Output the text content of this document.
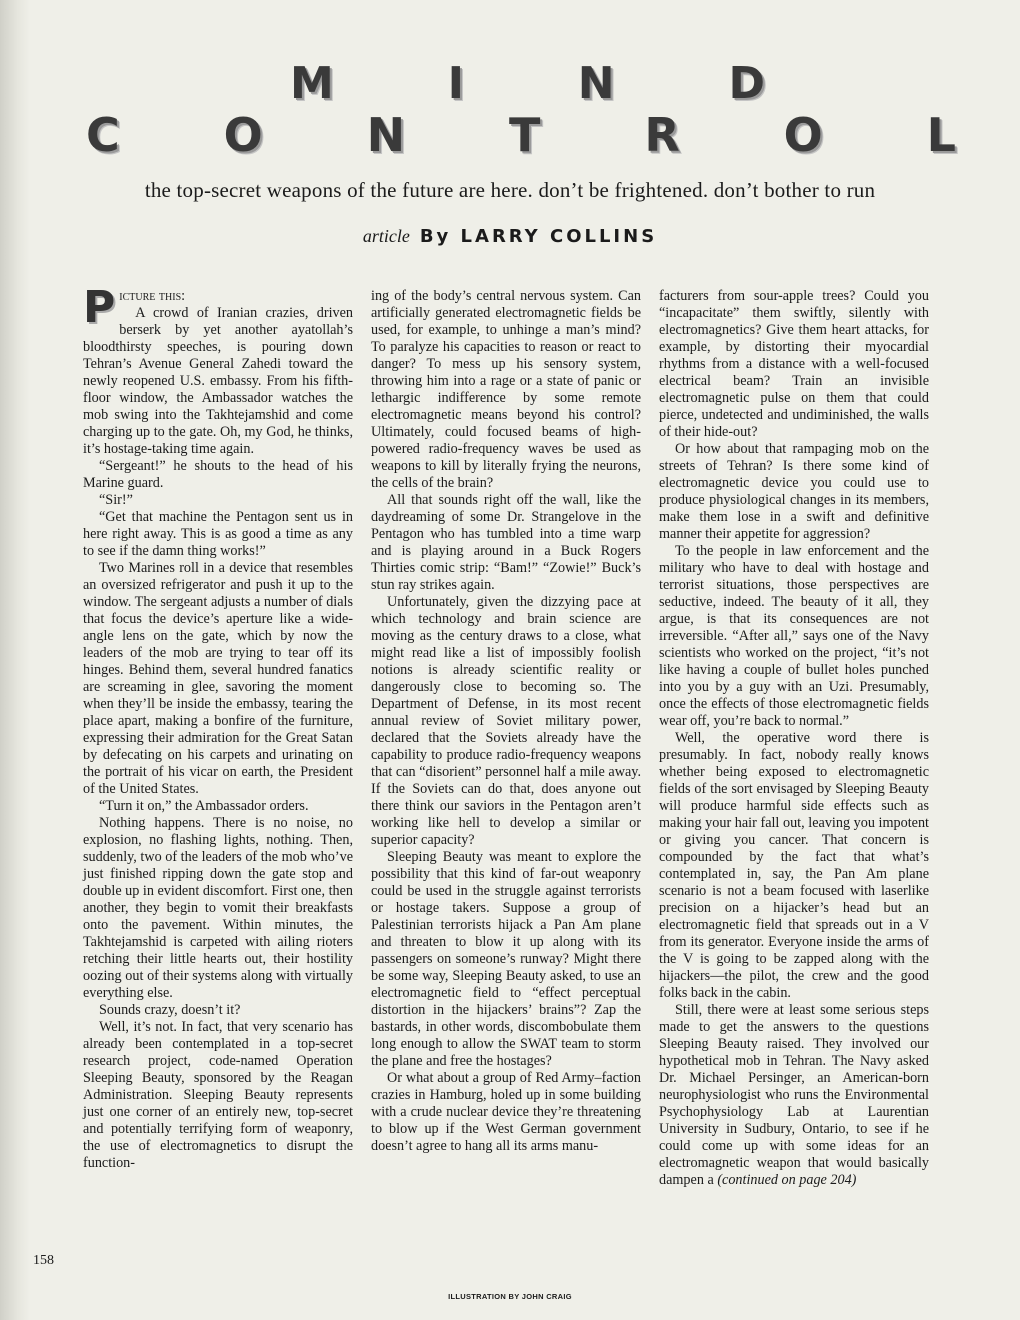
M	I	N	D
C O N T R O L
the top-secret weapons of the future are here. don’t be frightened. don’t bother to run
article By LARRY COLLINS

Picture this:

A crowd of Iranian crazies, driven berserk by yet another ayatollah’s bloodthirsty speeches, is pouring down Tehran’s Avenue General Zahedi toward the newly reopened U.S. embassy. From his fifth-floor window, the Ambassador watches the mob swing into the Takhtejamshid and come charging up to the gate. Oh, my God, he thinks, it’s hostage-taking time again.

“Sergeant!” he shouts to the head of his Marine guard.

“Sir!”

“Get that machine the Pentagon sent us in here right away. This is as good a time as any to see if the damn thing works!”

Two Marines roll in a device that resembles an oversized refrigerator and push it up to the window. The sergeant adjusts a number of dials that focus the device’s aperture like a wide-angle lens on the gate, which by now the leaders of the mob are trying to tear off its hinges. Behind them, several hundred fanatics are screaming in glee, savoring the moment when they’ll be inside the embassy, tearing the place apart, making a bonfire of the furniture, expressing their admiration for the Great Satan by defecating on his carpets and urinating on the portrait of his vicar on earth, the President of the United States.

“Turn it on,” the Ambassador orders.

Nothing happens. There is no noise, no explosion, no flashing lights, nothing. Then, suddenly, two of the leaders of the mob who’ve just finished ripping down the gate stop and double up in evident discomfort. First one, then another, they begin to vomit their breakfasts onto the pavement. Within minutes, the Takhtejamshid is carpeted with ailing rioters retching their little hearts out, their hostility oozing out of their systems along with virtually everything else.

Sounds crazy, doesn’t it?

Well, it’s not. In fact, that very scenario has already been contemplated in a top-secret research project, code-named Operation Sleeping Beauty, sponsored by the Reagan Administration. Sleeping Beauty represents just one corner of an entirely new, top-secret and potentially terrifying form of weaponry, the use of electromagnetics to disrupt the function-

ing of the body’s central nervous system. Can artificially generated electromagnetic fields be used, for example, to unhinge a man’s mind? To paralyze his capacities to reason or react to danger? To mess up his sensory system, throwing him into a rage or a state of panic or lethargic indifference by some remote electromagnetic means beyond his control? Ultimately, could focused beams of high-powered radio-frequency waves be used as weapons to kill by literally frying the neurons, the cells of the brain?

All that sounds right off the wall, like the daydreaming of some Dr. Strangelove in the Pentagon who has tumbled into a time warp and is playing around in a Buck Rogers Thirties comic strip: “Bam!” “Zowie!” Buck’s stun ray strikes again.

Unfortunately, given the dizzying pace at which technology and brain science are moving as the century draws to a close, what might read like a list of impossibly foolish notions is already scientific reality or dangerously close to becoming so. The Department of Defense, in its most recent annual review of Soviet military power, declared that the Soviets already have the capability to produce radio-frequency weapons that can “disorient” personnel half a mile away. If the Soviets can do that, does anyone out there think our saviors in the Pentagon aren’t working like hell to develop a similar or superior capacity?

Sleeping Beauty was meant to explore the possibility that this kind of far-out weaponry could be used in the struggle against terrorists or hostage takers. Suppose a group of Palestinian terrorists hijack a Pan Am plane and threaten to blow it up along with its passengers on someone’s runway? Might there be some way, Sleeping Beauty asked, to use an electromagnetic field to “effect perceptual distortion in the hijackers’ brains”? Zap the bastards, in other words, discombobulate them long enough to allow the SWAT team to storm the plane and free the hostages?

Or what about a group of Red Army–faction crazies in Hamburg, holed up in some building with a crude nuclear device they’re threatening to blow up if the West German government doesn’t agree to hang all its arms manu-

facturers from sour-apple trees? Could you “incapacitate” them swiftly, silently with electromagnetics? Give them heart attacks, for example, by distorting their myocardial rhythms from a distance with a well-focused electrical beam? Train an invisible electromagnetic pulse on them that could pierce, undetected and undiminished, the walls of their hide-out?

Or how about that rampaging mob on the streets of Tehran? Is there some kind of electromagnetic device you could use to produce physiological changes in its members, make them lose in a swift and definitive manner their appetite for aggression?

To the people in law enforcement and the military who have to deal with hostage and terrorist situations, those perspectives are seductive, indeed. The beauty of it all, they argue, is that its consequences are not irreversible. “After all,” says one of the Navy scientists who worked on the project, “it’s not like having a couple of bullet holes punched into you by a guy with an Uzi. Presumably, once the effects of those electromagnetic fields wear off, you’re back to normal.”

Well, the operative word there is presumably. In fact, nobody really knows whether being exposed to electromagnetic fields of the sort envisaged by Sleeping Beauty will produce harmful side effects such as making your hair fall out, leaving you impotent or giving you cancer. That concern is compounded by the fact that what’s contemplated in, say, the Pan Am plane scenario is not a beam focused with laserlike precision on a hijacker’s head but an electromagnetic field that spreads out in a V from its generator. Everyone inside the arms of the V is going to be zapped along with the hijackers—the pilot, the crew and the good folks back in the cabin.

Still, there were at least some serious steps made to get the answers to the questions Sleeping Beauty raised. They involved our hypothetical mob in Tehran. The Navy asked Dr. Michael Persinger, an American-born neurophysiologist who runs the Environmental Psychophysiology Lab at Laurentian University in Sudbury, Ontario, to see if he could come up with some ideas for an electromagnetic weapon that would basically dampen a (continued on page 204)

158
ILLUSTRATION BY JOHN CRAIG
